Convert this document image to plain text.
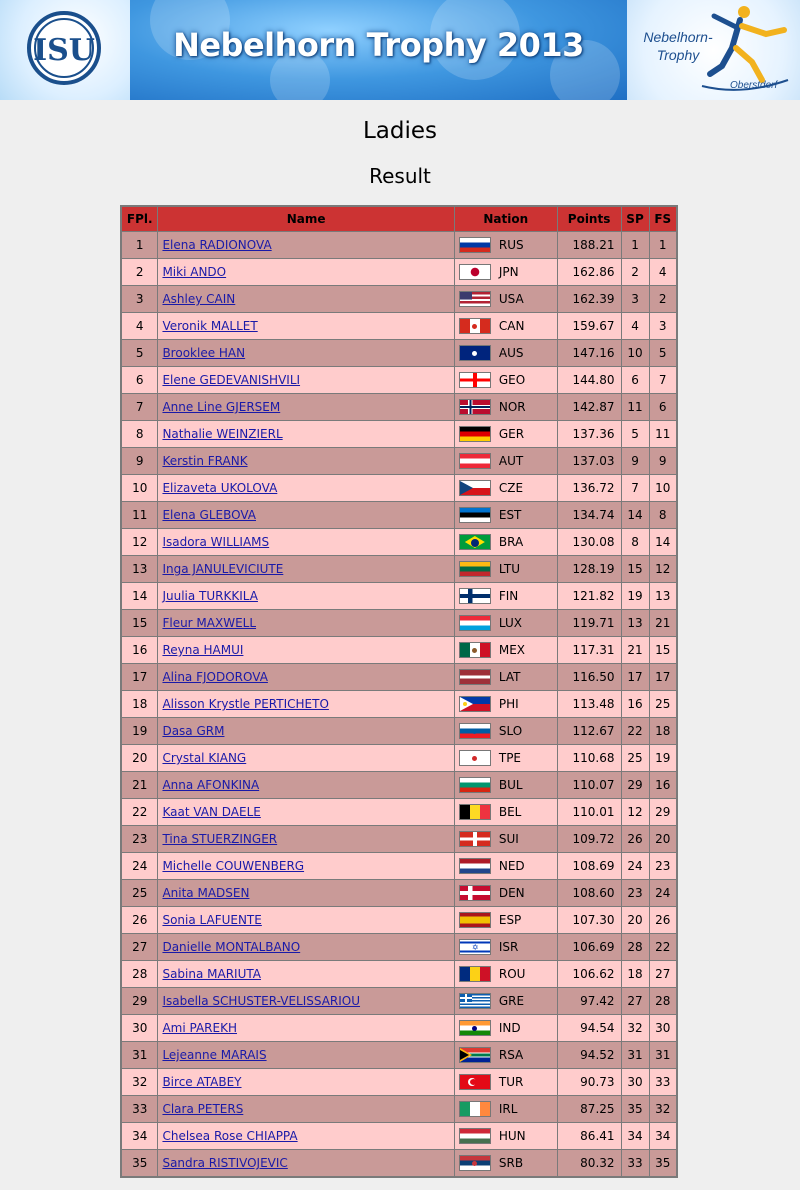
ISU	Nebelhorn Trophy 2013	Nebelhorn-
Trophy
Oberstdorf
Ladies
Result
FPl.	Name	Nation	Points	SP	FS
1	Elena RADIONOVA	RUS	188.21	1	1
2	Miki ANDO	JPN	162.86	2	4
3	Ashley CAIN	USA	162.39	3	2
4	Veronik MALLET	CAN	159.67	4	3
5	Brooklee HAN	AUS	147.16	10	5
6	Elene GEDEVANISHVILI	GEO	144.80	6	7
7	Anne Line GJERSEM	NOR	142.87	11	6
8	Nathalie WEINZIERL	GER	137.36	5	11
9	Kerstin FRANK	AUT	137.03	9	9
10	Elizaveta UKOLOVA	CZE	136.72	7	10
11	Elena GLEBOVA	EST	134.74	14	8
12	Isadora WILLIAMS	BRA	130.08	8	14
13	Inga JANULEVICIUTE	LTU	128.19	15	12
14	Juulia TURKKILA	FIN	121.82	19	13
15	Fleur MAXWELL	LUX	119.71	13	21
16	Reyna HAMUI	MEX	117.31	21	15
17	Alina FJODOROVA	LAT	116.50	17	17
18	Alisson Krystle PERTICHETO	PHI	113.48	16	25
19	Dasa GRM	SLO	112.67	22	18
20	Crystal KIANG	TPE	110.68	25	19
21	Anna AFONKINA	BUL	110.07	29	16
22	Kaat VAN DAELE	BEL	110.01	12	29
23	Tina STUERZINGER	SUI	109.72	26	20
24	Michelle COUWENBERG	NED	108.69	24	23
25	Anita MADSEN	DEN	108.60	23	24
26	Sonia LAFUENTE	ESP	107.30	20	26
27	Danielle MONTALBANO	✡ ISR	106.69	28	22
28	Sabina MARIUTA	ROU	106.62	18	27
29	Isabella SCHUSTER-VELISSARIOU	GRE	97.42	27	28
30	Ami PAREKH	IND	94.54	32	30
31	Lejeanne MARAIS	RSA	94.52	31	31
32	Birce ATABEY	TUR	90.73	30	33
33	Clara PETERS	IRL	87.25	35	32
34	Chelsea Rose CHIAPPA	HUN	86.41	34	34
35	Sandra RISTIVOJEVIC	SRB	80.32	33	35
